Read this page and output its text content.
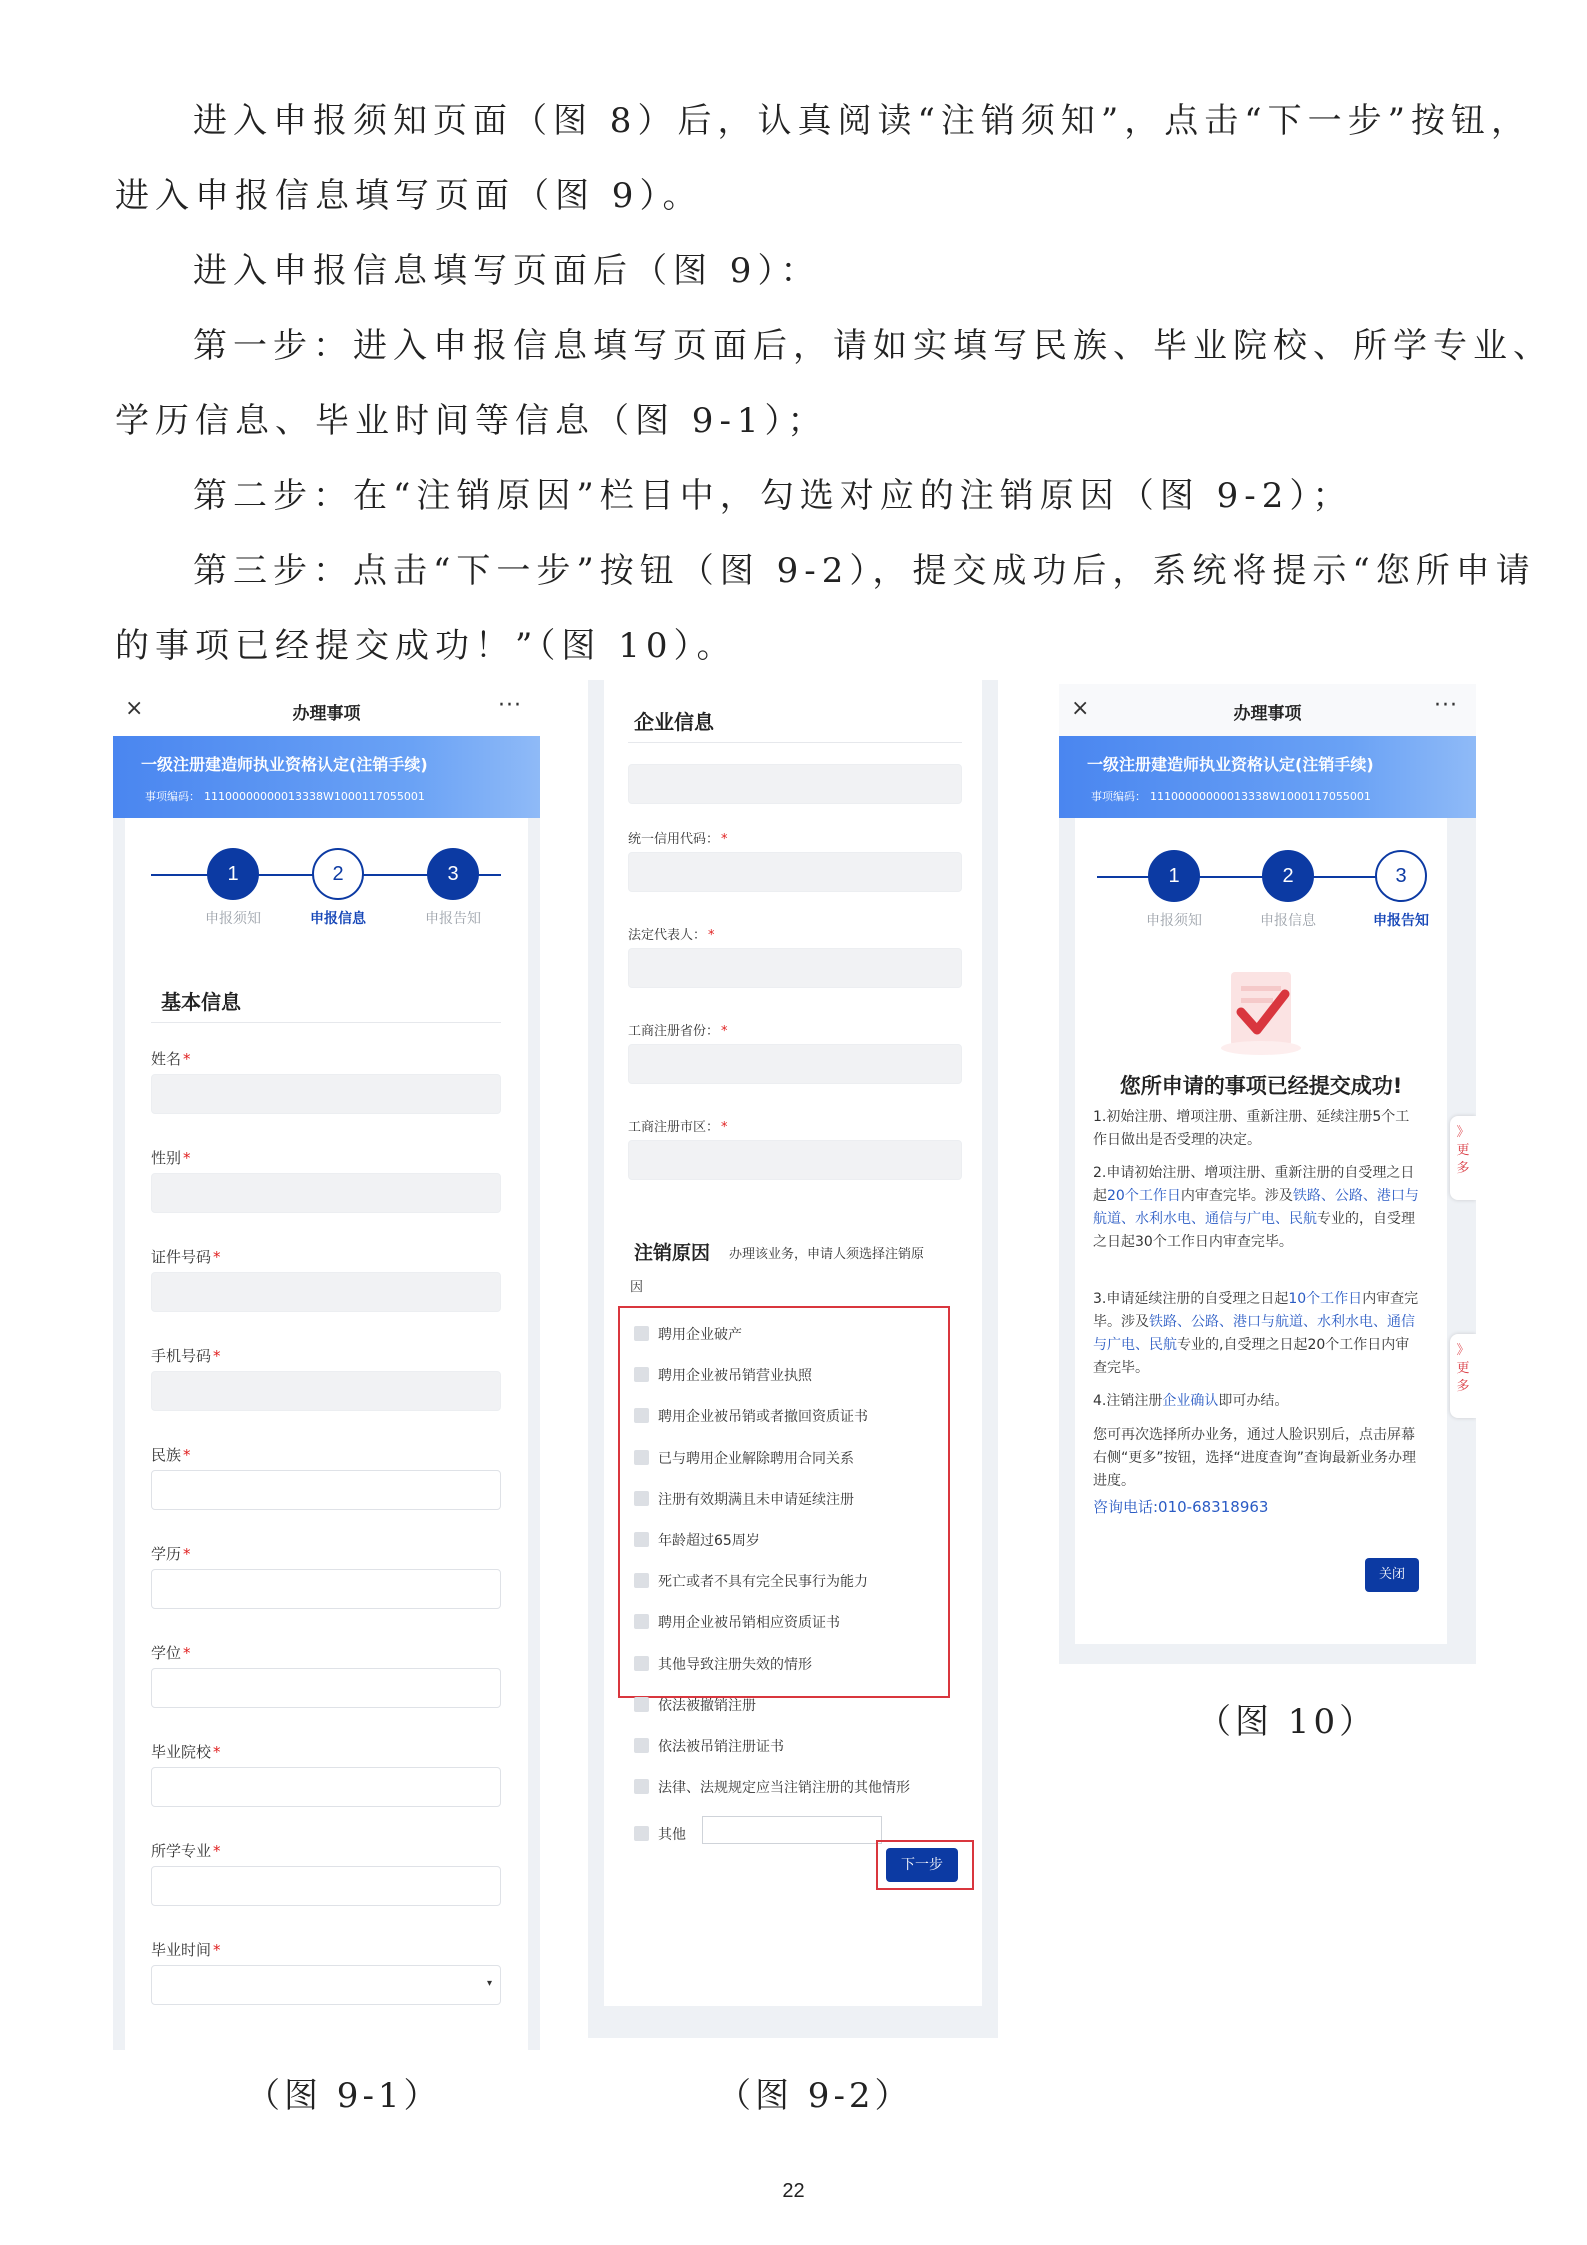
进入申报须知页面（图 8）后，认真阅读“注销须知”，点击“下一步”按钮，
进入申报信息填写页面（图 9）。
进入申报信息填写页面后（图 9）：
第一步：进入申报信息填写页面后，请如实填写民族、毕业院校、所学专业、
学历信息、毕业时间等信息（图 9-1）；
第二步：在“注销原因”栏目中，勾选对应的注销原因（图 9-2）；
第三步：点击“下一步”按钮（图 9-2），提交成功后，系统将提示“您所申请
的事项已经提交成功！”（图 10）。
×	办理事项	···
一级注册建造师执业资格认定(注销手续)
事项编码： 11100000000013338W1000117055001
1	2	3
申报须知	申报信息	申报告知
基本信息
姓名 *
性别 *
证件号码 *
手机号码 *
民族 *
学历 *
学位 *
毕业院校 *
所学专业 *
毕业时间 *
▾
（图 9-1）
企业信息
统一信用代码： *
法定代表人： *
工商注册省份： *
工商注册市区： *
注销原因 办理该业务，申请人须选择注销原
因
聘用企业破产
聘用企业被吊销营业执照
聘用企业被吊销或者撤回资质证书
已与聘用企业解除聘用合同关系
注册有效期满且未申请延续注册
年龄超过65周岁
死亡或者不具有完全民事行为能力
聘用企业被吊销相应资质证书
其他导致注册失效的情形
依法被撤销注册
依法被吊销注册证书
法律、法规规定应当注销注册的其他情形
其他
下一步
（图 9-2）
×	办理事项	···
一级注册建造师执业资格认定(注销手续)
事项编码： 11100000000013338W1000117055001
1	2	3
申报须知	申报信息	申报告知
您所申请的事项已经提交成功!
1.初始注册、增项注册、重新注册、延续注册5个工作日做出是否受理的决定。
2.申请初始注册、增项注册、重新注册的自受理之日起20个工作日内审查完毕。涉及铁路、公路、港口与航道、水利水电、通信与广电、民航专业的，自受理之日起30个工作日内审查完毕。
3.申请延续注册的自受理之日起10个工作日内审查完毕。涉及铁路、公路、港口与航道、水利水电、通信与广电、民航专业的,自受理之日起20个工作日内审查完毕。
4.注销注册企业确认即可办结。
您可再次选择所办业务，通过人脸识别后，点击屏幕右侧“更多”按钮，选择“进度查询”查询最新业务办理进度。
咨询电话:010-68318963
关闭
》
更
多
》
更
多
（图 10）
22
